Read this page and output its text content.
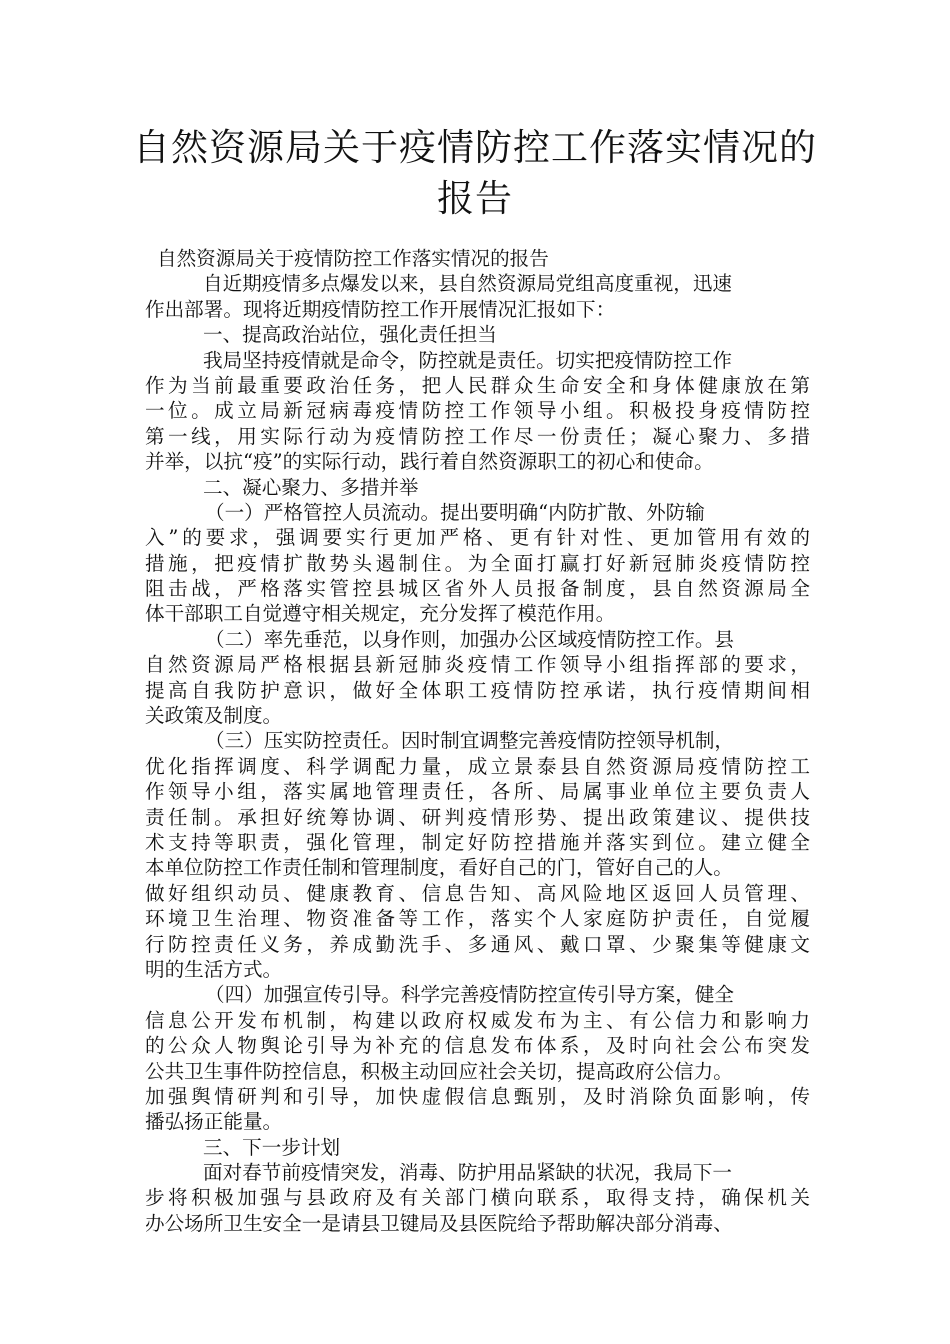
自然资源局关于疫情防控工作落实情况的
报告
自然资源局关于疫情防控工作落实情况的报告
自近期疫情多点爆发以来，县自然资源局党组高度重视，迅速
作出部署。现将近期疫情防控工作开展情况汇报如下：
一、提高政治站位，强化责任担当
我局坚持疫情就是命令，防控就是责任。切实把疫情防控工作
作为当前最重要政治任务，把人民群众生命安全和身体健康放在第
一位。成立局新冠病毒疫情防控工作领导小组。积极投身疫情防控
第一线，用实际行动为疫情防控工作尽一份责任；凝心聚力、多措
并举，以抗“疫”的实际行动，践行着自然资源职工的初心和使命。
二、凝心聚力、多措并举
（一）严格管控人员流动。提出要明确“内防扩散、外防输
入”的要求，强调要实行更加严格、更有针对性、更加管用有效的
措施，把疫情扩散势头遏制住。为全面打赢打好新冠肺炎疫情防控
阻击战，严格落实管控县城区省外人员报备制度，县自然资源局全
体干部职工自觉遵守相关规定，充分发挥了模范作用。
（二）率先垂范，以身作则，加强办公区域疫情防控工作。县
自然资源局严格根据县新冠肺炎疫情工作领导小组指挥部的要求，
提高自我防护意识，做好全体职工疫情防控承诺，执行疫情期间相
关政策及制度。
（三）压实防控责任。因时制宜调整完善疫情防控领导机制，
优化指挥调度、科学调配力量，成立景泰县自然资源局疫情防控工
作领导小组，落实属地管理责任，各所、局属事业单位主要负责人
责任制。承担好统筹协调、研判疫情形势、提出政策建议、提供技
术支持等职责，强化管理，制定好防控措施并落实到位。建立健全
本单位防控工作责任制和管理制度，看好自己的门，管好自己的人。
做好组织动员、健康教育、信息告知、高风险地区返回人员管理、
环境卫生治理、物资准备等工作，落实个人家庭防护责任，自觉履
行防控责任义务，养成勤洗手、多通风、戴口罩、少聚集等健康文
明的生活方式。
（四）加强宣传引导。科学完善疫情防控宣传引导方案，健全
信息公开发布机制，构建以政府权威发布为主、有公信力和影响力
的公众人物舆论引导为补充的信息发布体系，及时向社会公布突发
公共卫生事件防控信息，积极主动回应社会关切，提高政府公信力。
加强舆情研判和引导，加快虚假信息甄别，及时消除负面影响，传
播弘扬正能量。
三、下一步计划
面对春节前疫情突发，消毒、防护用品紧缺的状况，我局下一
步将积极加强与县政府及有关部门横向联系，取得支持，确保机关
办公场所卫生安全一是请县卫键局及县医院给予帮助解决部分消毒、
